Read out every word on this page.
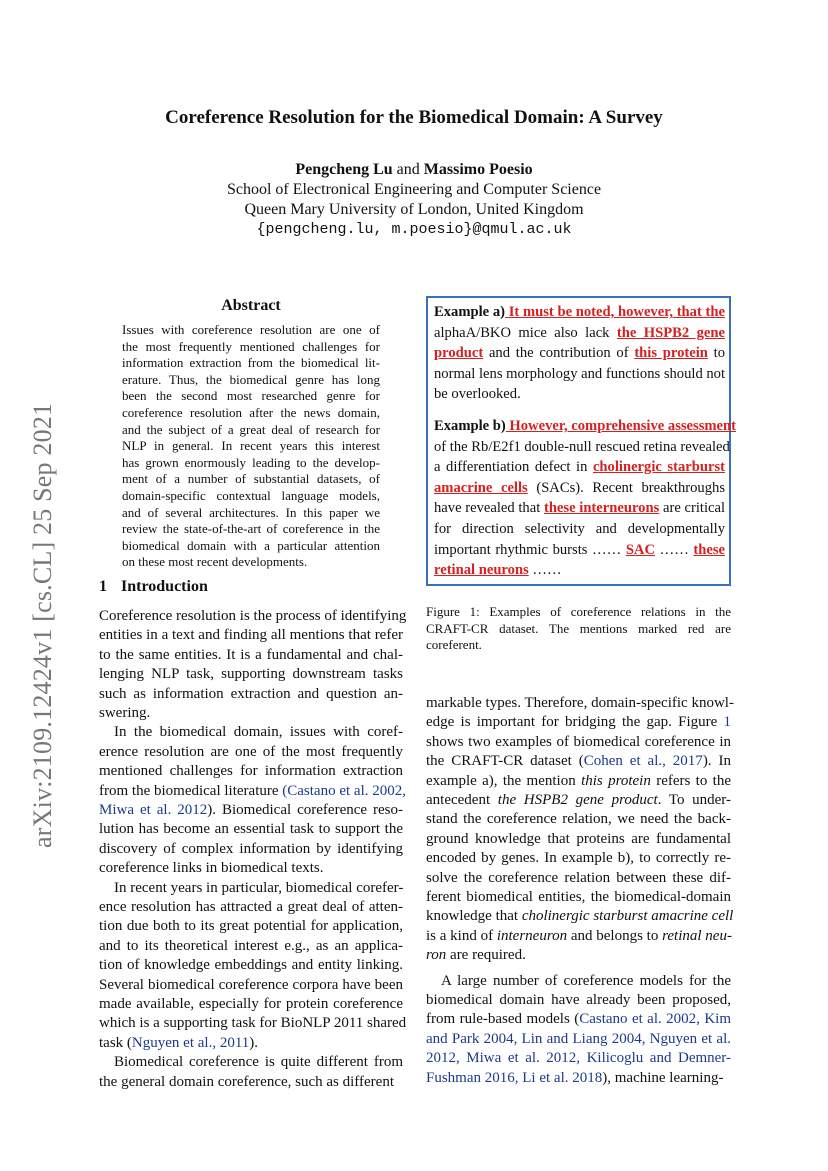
arXiv:2109.12424v1 [cs.CL] 25 Sep 2021
Coreference Resolution for the Biomedical Domain: A Survey
Pengcheng Lu and Massimo Poesio
School of Electronical Engineering and Computer Science
Queen Mary University of London, United Kingdom
{pengcheng.lu, m.poesio}@qmul.ac.uk
Abstract
Issues with coreference resolution are one of
the most frequently mentioned challenges for
information extraction from the biomedical lit-
erature. Thus, the biomedical genre has long
been the second most researched genre for
coreference resolution after the news domain,
and the subject of a great deal of research for
NLP in general. In recent years this interest
has grown enormously leading to the develop-
ment of a number of substantial datasets, of
domain-specific contextual language models,
and of several architectures. In this paper we
review the state-of-the-art of coreference in the
biomedical domain with a particular attention
on these most recent developments.
1 Introduction
Coreference resolution is the process of identifying
entities in a text and finding all mentions that refer
to the same entities. It is a fundamental and chal-
lenging NLP task, supporting downstream tasks
such as information extraction and question an-
swering.
In the biomedical domain, issues with coref-
erence resolution are one of the most frequently
mentioned challenges for information extraction
from the biomedical literature (Castano et al. 2002,
Miwa et al. 2012). Biomedical coreference reso-
lution has become an essential task to support the
discovery of complex information by identifying
coreference links in biomedical texts.
In recent years in particular, biomedical corefer-
ence resolution has attracted a great deal of atten-
tion due both to its great potential for application,
and to its theoretical interest e.g., as an applica-
tion of knowledge embeddings and entity linking.
Several biomedical coreference corpora have been
made available, especially for protein coreference
which is a supporting task for BioNLP 2011 shared
task (Nguyen et al., 2011).
Biomedical coreference is quite different from
the general domain coreference, such as different
markable types. Therefore, domain-specific knowl-
edge is important for bridging the gap. Figure 1
shows two examples of biomedical coreference in
the CRAFT-CR dataset (Cohen et al., 2017). In
example a), the mention this protein refers to the
antecedent the HSPB2 gene product. To under-
stand the coreference relation, we need the back-
ground knowledge that proteins are fundamental
encoded by genes. In example b), to correctly re-
solve the coreference relation between these dif-
ferent biomedical entities, the biomedical-domain
knowledge that cholinergic starburst amacrine cell
is a kind of interneuron and belongs to retinal neu-
ron are required.
A large number of coreference models for the
biomedical domain have already been proposed,
from rule-based models (Castano et al. 2002, Kim
and Park 2004, Lin and Liang 2004, Nguyen et al.
2012, Miwa et al. 2012, Kilicoglu and Demner-
Fushman 2016, Li et al. 2018), machine learning-
Example a) It must be noted, however, that the
alphaA/BKO mice also lack the HSPB2 gene
product and the contribution of this protein to
normal lens morphology and functions should not
be overlooked.
Example b) However, comprehensive assessment
of the Rb/E2f1 double-null rescued retina revealed
a differentiation defect in cholinergic starburst
amacrine cells (SACs). Recent breakthroughs
have revealed that these interneurons are critical
for direction selectivity and developmentally
important rhythmic bursts …… SAC …… these
retinal neurons ……
Figure 1: Examples of coreference relations in the
CRAFT-CR dataset. The mentions marked red are
coreferent.
